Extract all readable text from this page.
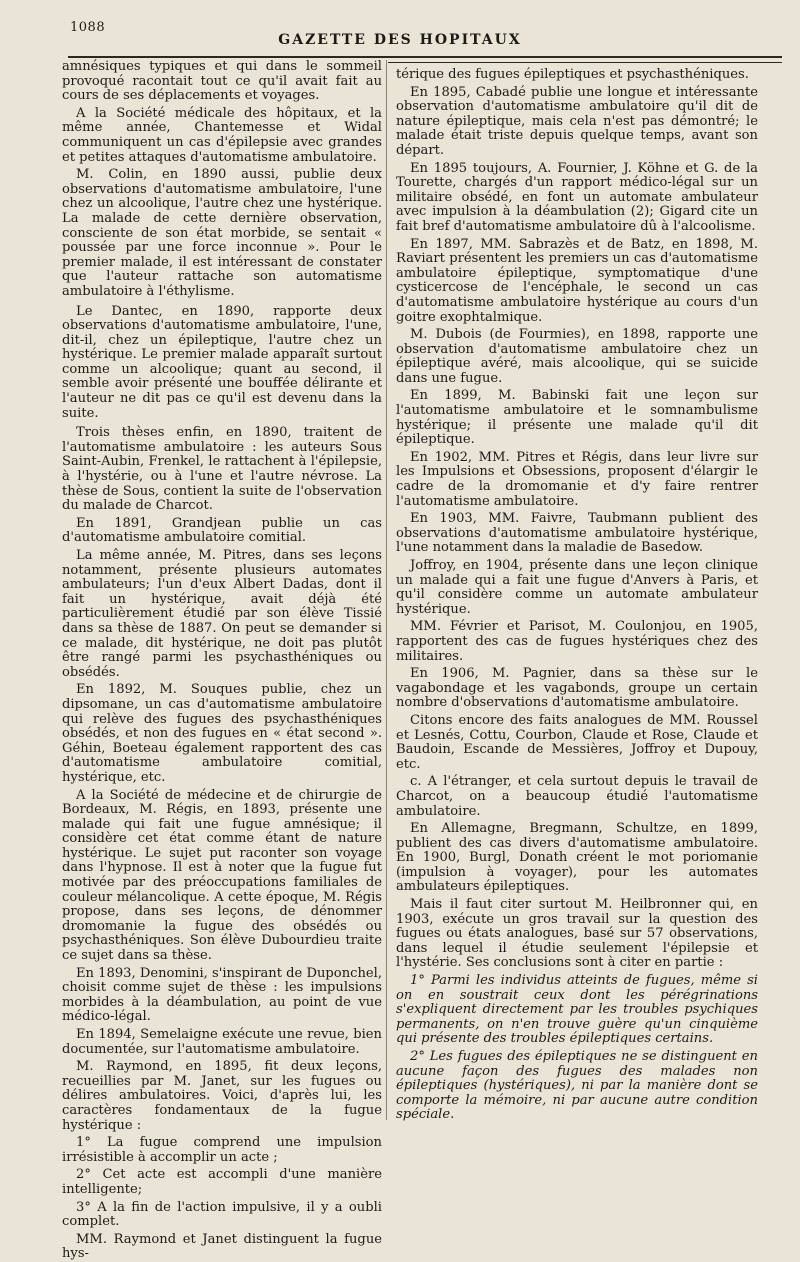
1088
GAZETTE DES HOPITAUX

amnésiques typiques et qui dans le sommeil provoqué racontait tout ce qu'il avait fait au cours de ses déplacements et voyages.

A la Société médicale des hôpitaux, et la même année, Chantemesse et Widal communiquent un cas d'épilepsie avec grandes et petites attaques d'automatisme ambulatoire.

M. Colin, en 1890 aussi, publie deux observations d'automatisme ambulatoire, l'une chez un alcoolique, l'autre chez une hystérique. La malade de cette dernière observation, consciente de son état morbide, se sentait « poussée par une force inconnue ». Pour le premier malade, il est intéressant de constater que l'auteur rattache son automatisme ambulatoire à l'éthylisme.

Le Dantec, en 1890, rapporte deux observations d'automatisme ambulatoire, l'une, dit-il, chez un épileptique, l'autre chez un hystérique. Le premier malade apparaît surtout comme un alcoolique; quant au second, il semble avoir présenté une bouffée délirante et l'auteur ne dit pas ce qu'il est devenu dans la suite.

Trois thèses enfin, en 1890, traitent de l'automatisme ambulatoire : les auteurs Sous Saint-Aubin, Frenkel, le rattachent à l'épilepsie, à l'hystérie, ou à l'une et l'autre névrose. La thèse de Sous, contient la suite de l'observation du malade de Charcot.

En 1891, Grandjean publie un cas d'automatisme ambulatoire comitial.

La même année, M. Pitres, dans ses leçons notamment, présente plusieurs automates ambulateurs; l'un d'eux Albert Dadas, dont il fait un hystérique, avait déjà été particulièrement étudié par son élève Tissié dans sa thèse de 1887. On peut se demander si ce malade, dit hystérique, ne doit pas plutôt être rangé parmi les psychasthéniques ou obsédés.

En 1892, M. Souques publie, chez un dipsomane, un cas d'automatisme ambulatoire qui relève des fugues des psychasthéniques obsédés, et non des fugues en « état second ». Géhin, Boeteau également rapportent des cas d'automatisme ambulatoire comitial, hystérique, etc.

A la Société de médecine et de chirurgie de Bordeaux, M. Régis, en 1893, présente une malade qui fait une fugue amnésique; il considère cet état comme étant de nature hystérique. Le sujet put raconter son voyage dans l'hypnose. Il est à noter que la fugue fut motivée par des préoccupations familiales de couleur mélancolique. A cette époque, M. Régis propose, dans ses leçons, de dénommer dromomanie la fugue des obsédés ou psychasthéniques. Son élève Dubourdieu traite ce sujet dans sa thèse.

En 1893, Denomini, s'inspirant de Duponchel, choisit comme sujet de thèse : les impulsions morbides à la déambulation, au point de vue médico-légal.

En 1894, Semelaigne exécute une revue, bien documentée, sur l'automatisme ambulatoire.

M. Raymond, en 1895, fit deux leçons, recueillies par M. Janet, sur les fugues ou délires ambulatoires. Voici, d'après lui, les caractères fondamentaux de la fugue hystérique :

1° La fugue comprend une impulsion irrésistible à accomplir un acte ;

2° Cet acte est accompli d'une manière intelligente;

3° A la fin de l'action impulsive, il y a oubli complet.

MM. Raymond et Janet distinguent la fugue hys-

térique des fugues épileptiques et psychasthéniques.

En 1895, Cabadé publie une longue et intéressante observation d'automatisme ambulatoire qu'il dit de nature épileptique, mais cela n'est pas démontré; le malade était triste depuis quelque temps, avant son départ.

En 1895 toujours, A. Fournier, J. Köhne et G. de la Tourette, chargés d'un rapport médico-légal sur un militaire obsédé, en font un automate ambulateur avec impulsion à la déambulation (2); Gigard cite un fait bref d'automatisme ambulatoire dû à l'alcoolisme.

En 1897, MM. Sabrazès et de Batz, en 1898, M. Raviart présentent les premiers un cas d'automatisme ambulatoire épileptique, symptomatique d'une cysticercose de l'encéphale, le second un cas d'automatisme ambulatoire hystérique au cours d'un goitre exophtalmique.

M. Dubois (de Fourmies), en 1898, rapporte une observation d'automatisme ambulatoire chez un épileptique avéré, mais alcoolique, qui se suicide dans une fugue.

En 1899, M. Babinski fait une leçon sur l'automatisme ambulatoire et le somnambulisme hystérique; il présente une malade qu'il dit épileptique.

En 1902, MM. Pitres et Régis, dans leur livre sur les Impulsions et Obsessions, proposent d'élargir le cadre de la dromomanie et d'y faire rentrer l'automatisme ambulatoire.

En 1903, MM. Faivre, Taubmann publient des observations d'automatisme ambulatoire hystérique, l'une notamment dans la maladie de Basedow.

Joffroy, en 1904, présente dans une leçon clinique un malade qui a fait une fugue d'Anvers à Paris, et qu'il considère comme un automate ambulateur hystérique.

MM. Février et Parisot, M. Coulonjou, en 1905, rapportent des cas de fugues hystériques chez des militaires.

En 1906, M. Pagnier, dans sa thèse sur le vagabondage et les vagabonds, groupe un certain nombre d'observations d'automatisme ambulatoire.

Citons encore des faits analogues de MM. Roussel et Lesnés, Cottu, Courbon, Claude et Rose, Claude et Baudoin, Escande de Messières, Joffroy et Dupouy, etc.

c. A l'étranger, et cela surtout depuis le travail de Charcot, on a beaucoup étudié l'automatisme ambulatoire.

En Allemagne, Bregmann, Schultze, en 1899, publient des cas divers d'automatisme ambulatoire. En 1900, Burgl, Donath créent le mot poriomanie (impulsion à voyager), pour les automates ambulateurs épileptiques.

Mais il faut citer surtout M. Heilbronner qui, en 1903, exécute un gros travail sur la question des fugues ou états analogues, basé sur 57 observations, dans lequel il étudie seulement l'épilepsie et l'hystérie. Ses conclusions sont à citer en partie :

1° Parmi les individus atteints de fugues, même si on en soustrait ceux dont les pérégrinations s'expliquent directement par les troubles psychiques permanents, on n'en trouve guère qu'un cinquième qui présente des troubles épileptiques certains.

2° Les fugues des épileptiques ne se distinguent en aucune façon des fugues des malades non épileptiques (hystériques), ni par la manière dont se comporte la mémoire, ni par aucune autre condition spéciale.
